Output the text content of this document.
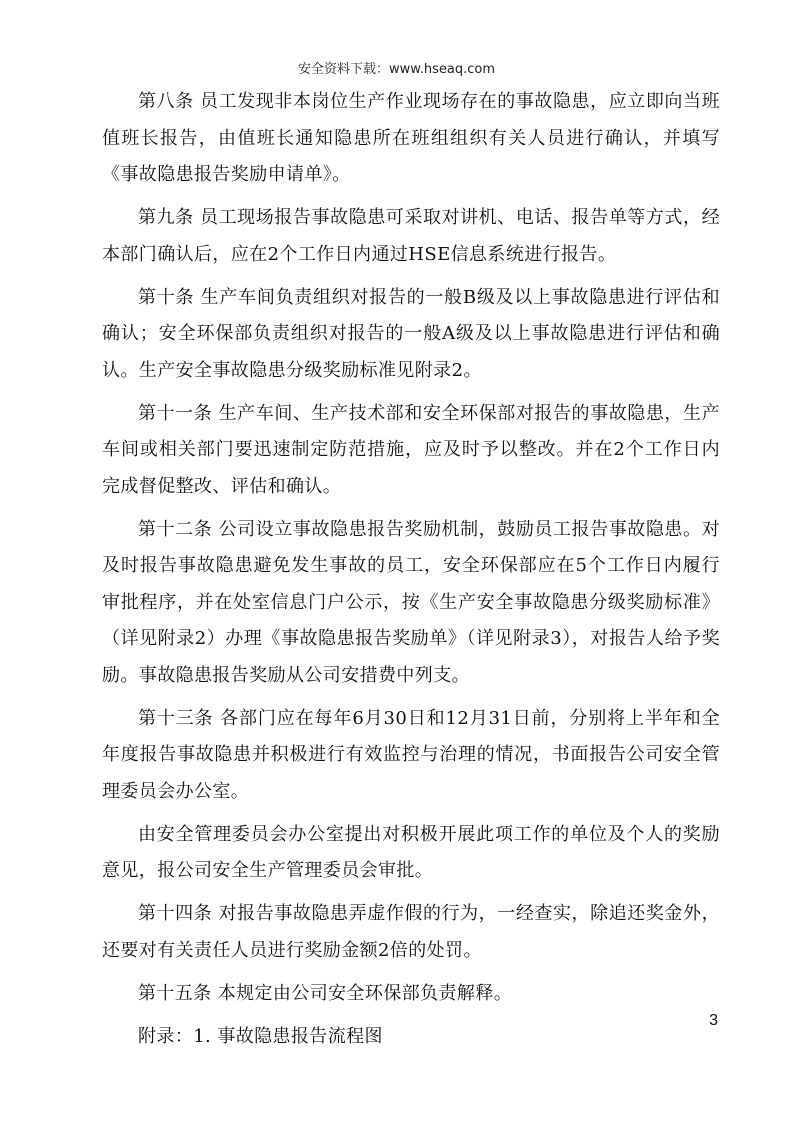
安全资料下载：www.hseaq.com

第八条 员工发现非本岗位生产作业现场存在的事故隐患，应立即向当班值班长报告，由值班长通知隐患所在班组组织有关人员进行确认，并填写《事故隐患报告奖励申请单》。

第九条 员工现场报告事故隐患可采取对讲机、电话、报告单等方式，经本部门确认后，应在2个工作日内通过HSE信息系统进行报告。

第十条 生产车间负责组织对报告的一般B级及以上事故隐患进行评估和确认；安全环保部负责组织对报告的一般A级及以上事故隐患进行评估和确认。生产安全事故隐患分级奖励标准见附录2。

第十一条 生产车间、生产技术部和安全环保部对报告的事故隐患，生产车间或相关部门要迅速制定防范措施，应及时予以整改。并在2个工作日内完成督促整改、评估和确认。

第十二条 公司设立事故隐患报告奖励机制，鼓励员工报告事故隐患。对及时报告事故隐患避免发生事故的员工，安全环保部应在5个工作日内履行审批程序，并在处室信息门户公示，按《生产安全事故隐患分级奖励标准》（详见附录2）办理《事故隐患报告奖励单》（详见附录3），对报告人给予奖励。事故隐患报告奖励从公司安措费中列支。

第十三条 各部门应在每年6月30日和12月31日前，分别将上半年和全年度报告事故隐患并积极进行有效监控与治理的情况，书面报告公司安全管理委员会办公室。

由安全管理委员会办公室提出对积极开展此项工作的单位及个人的奖励意见，报公司安全生产管理委员会审批。

第十四条 对报告事故隐患弄虚作假的行为，一经查实，除追还奖金外，还要对有关责任人员进行奖励金额2倍的处罚。

第十五条 本规定由公司安全环保部负责解释。

附录：1. 事故隐患报告流程图

3
